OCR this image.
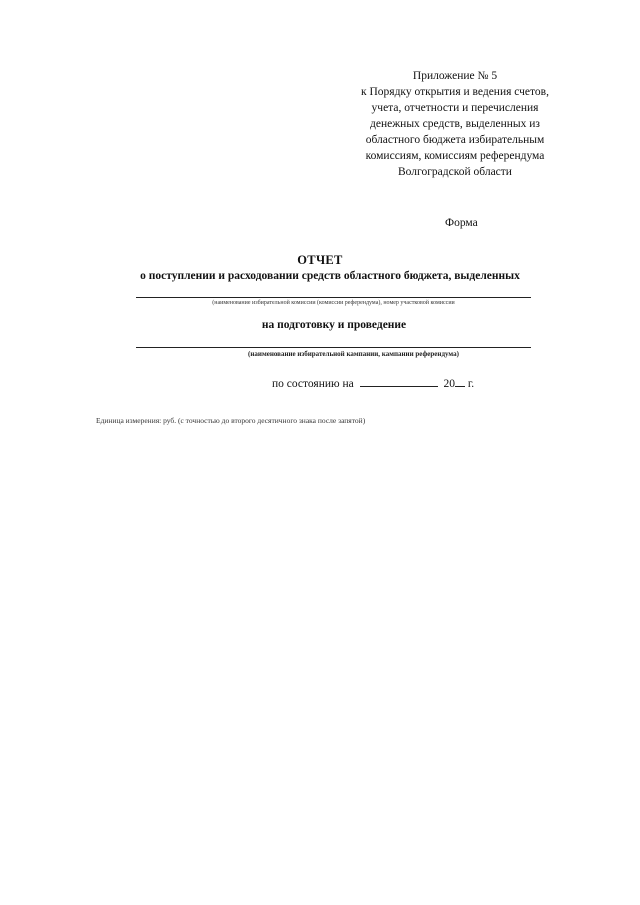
Приложение № 5
к Порядку открытия и ведения счетов,
учета, отчетности и перечисления
денежных средств, выделенных из
областного бюджета избирательным
комиссиям, комиссиям референдума
Волгоградской области
Форма
ОТЧЕТ
о поступлении и расходовании средств областного бюджета, выделенных
(наименование избирательной комиссии (комиссии референдума), номер участковой комиссии
на подготовку и проведение
(наименование избирательной кампании, кампании референдума)
по состоянию на	20 г.
Единица измерения: руб. (с точностью до второго десятичного знака после запятой)
